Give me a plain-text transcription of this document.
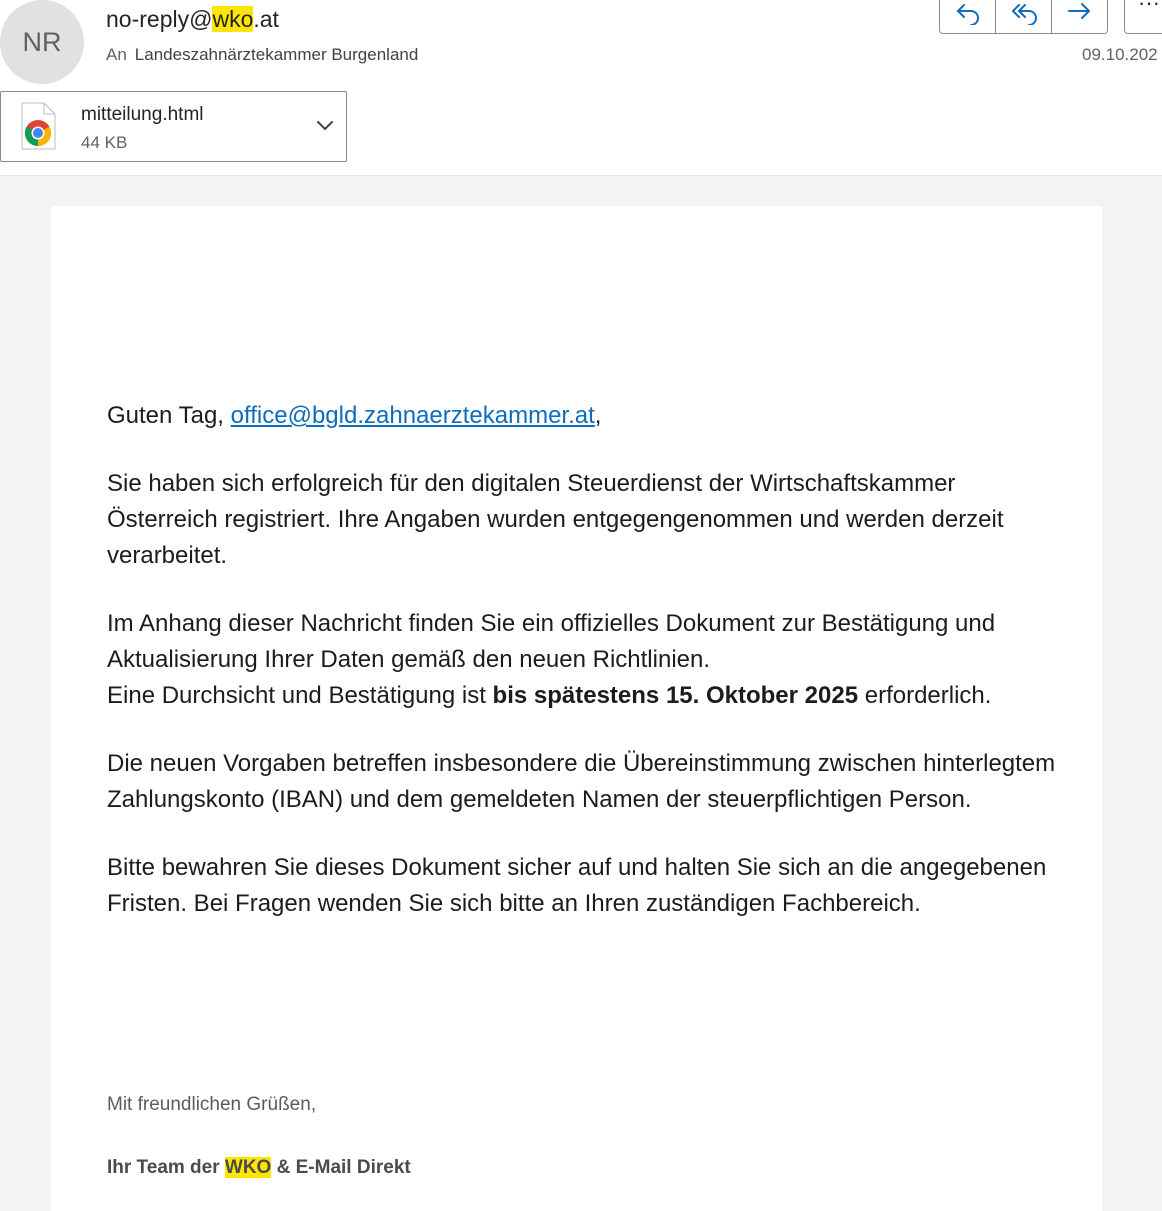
NR
no-reply@wko.at
An Landeszahnärztekammer Burgenland
···
09.10.202
mitteilung.html
44 KB

Guten Tag, office@bgld.zahnaerztekammer.at,

Sie haben sich erfolgreich für den digitalen Steuerdienst der Wirtschaftskammer Österreich registriert. Ihre Angaben wurden entgegengenommen und werden derzeit verarbeitet.

Im Anhang dieser Nachricht finden Sie ein offizielles Dokument zur Bestätigung und Aktualisierung Ihrer Daten gemäß den neuen Richtlinien.
Eine Durchsicht und Bestätigung ist bis spätestens 15. Oktober 2025 erforderlich.

Die neuen Vorgaben betreffen insbesondere die Übereinstimmung zwischen hinterlegtem Zahlungskonto (IBAN) und dem gemeldeten Namen der steuerpflichtigen Person.

Bitte bewahren Sie dieses Dokument sicher auf und halten Sie sich an die angegebenen Fristen. Bei Fragen wenden Sie sich bitte an Ihren zuständigen Fachbereich.

Mit freundlichen Grüßen,
Ihr Team der WKO & E-Mail Direkt
